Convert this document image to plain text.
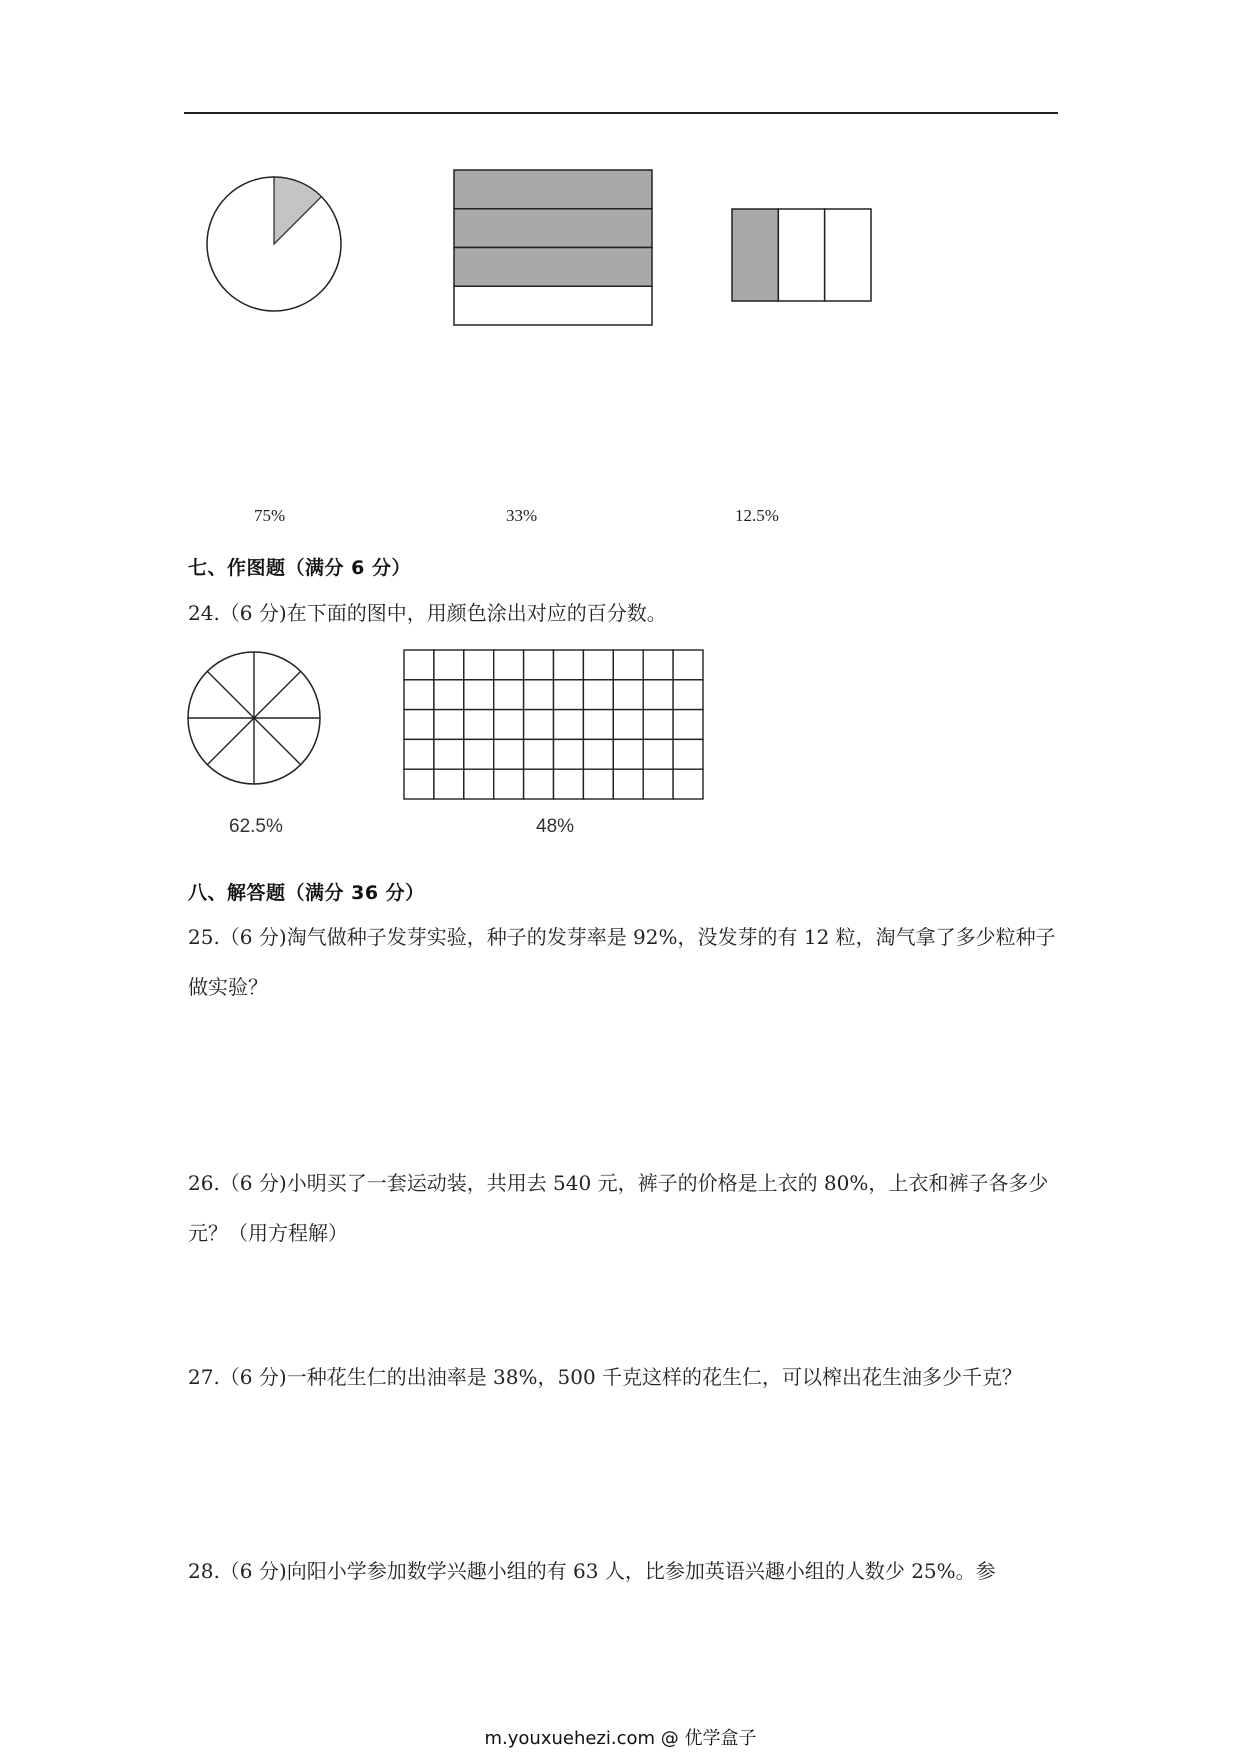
75%	33%	12.5%
七、作图题（满分 6 分）
24.（6 分)在下面的图中，用颜色涂出对应的百分数。
62.5%	48%
八、解答题（满分 36 分）
25.（6 分)淘气做种子发芽实验，种子的发芽率是 92%，没发芽的有 12 粒，淘气拿了多少粒种子做实验？
26.（6 分)小明买了一套运动装，共用去 540 元，裤子的价格是上衣的 80%，上衣和裤子各多少元？（用方程解）
27.（6 分)一种花生仁的出油率是 38%，500 千克这样的花生仁，可以榨出花生油多少千克？
28.（6 分)向阳小学参加数学兴趣小组的有 63 人，比参加英语兴趣小组的人数少 25%。参
m.youxuehezi.com @ 优学盒子
